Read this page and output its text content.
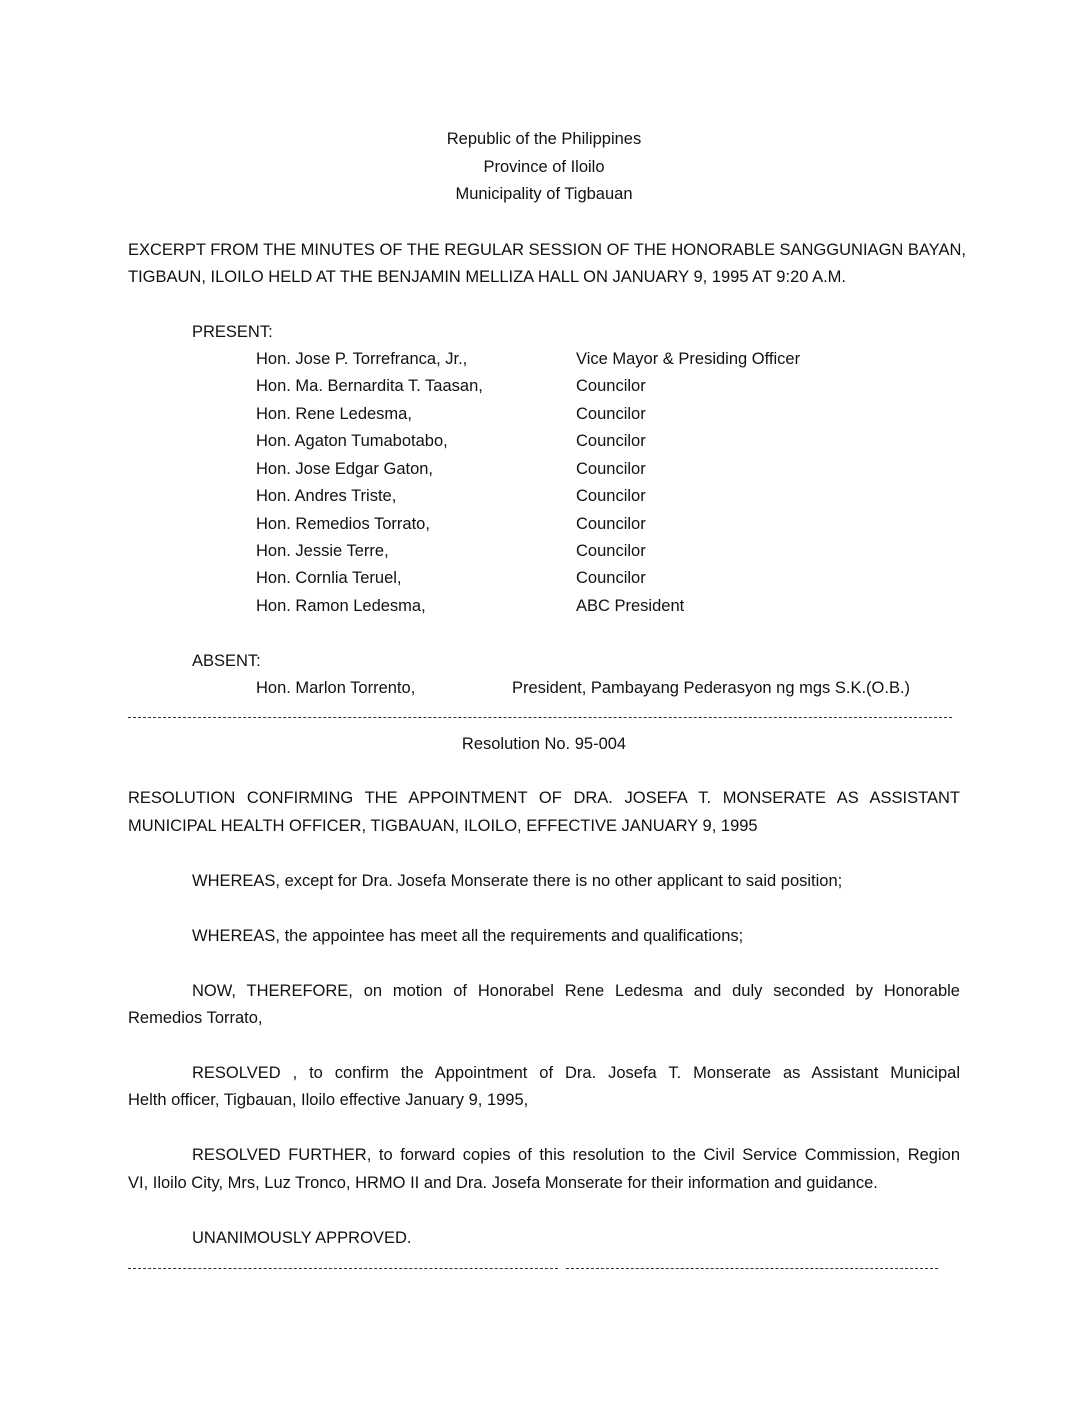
Republic of the Philippines
Province of Iloilo
Municipality of Tigbauan
EXCERPT FROM THE MINUTES OF THE REGULAR SESSION OF THE HONORABLE SANGGUNIAGN BAYAN,
TIGBAUN, ILOILO HELD AT THE BENJAMIN MELLIZA HALL ON JANUARY 9, 1995 AT 9:20 A.M.
PRESENT:
Hon. Jose P. Torrefranca, Jr.,	Vice Mayor & Presiding Officer
Hon. Ma. Bernardita T. Taasan,	Councilor
Hon. Rene Ledesma,	Councilor
Hon. Agaton Tumabotabo,	Councilor
Hon. Jose Edgar Gaton,	Councilor
Hon. Andres Triste,	Councilor
Hon. Remedios Torrato,	Councilor
Hon. Jessie Terre,	Councilor
Hon. Cornlia Teruel,	Councilor
Hon. Ramon Ledesma,	ABC President
ABSENT:
Hon. Marlon Torrento,	President, Pambayang Pederasyon ng mgs S.K.(O.B.)
Resolution No. 95-004
RESOLUTION CONFIRMING THE APPOINTMENT OF DRA. JOSEFA T. MONSERATE AS ASSISTANT
MUNICIPAL HEALTH OFFICER, TIGBAUAN, ILOILO, EFFECTIVE JANUARY 9, 1995
WHEREAS, except for Dra. Josefa Monserate there is no other applicant to said position;
WHEREAS, the appointee has meet all the requirements and qualifications;
NOW, THEREFORE, on motion of Honorabel Rene Ledesma and duly seconded by Honorable
Remedios Torrato,
RESOLVED , to confirm the Appointment of Dra. Josefa T. Monserate as Assistant Municipal
Helth officer, Tigbauan, Iloilo effective January 9, 1995,
RESOLVED FURTHER, to forward copies of this resolution to the Civil Service Commission, Region
VI, Iloilo City, Mrs, Luz Tronco, HRMO II and Dra. Josefa Monserate for their information and guidance.
UNANIMOUSLY APPROVED.
